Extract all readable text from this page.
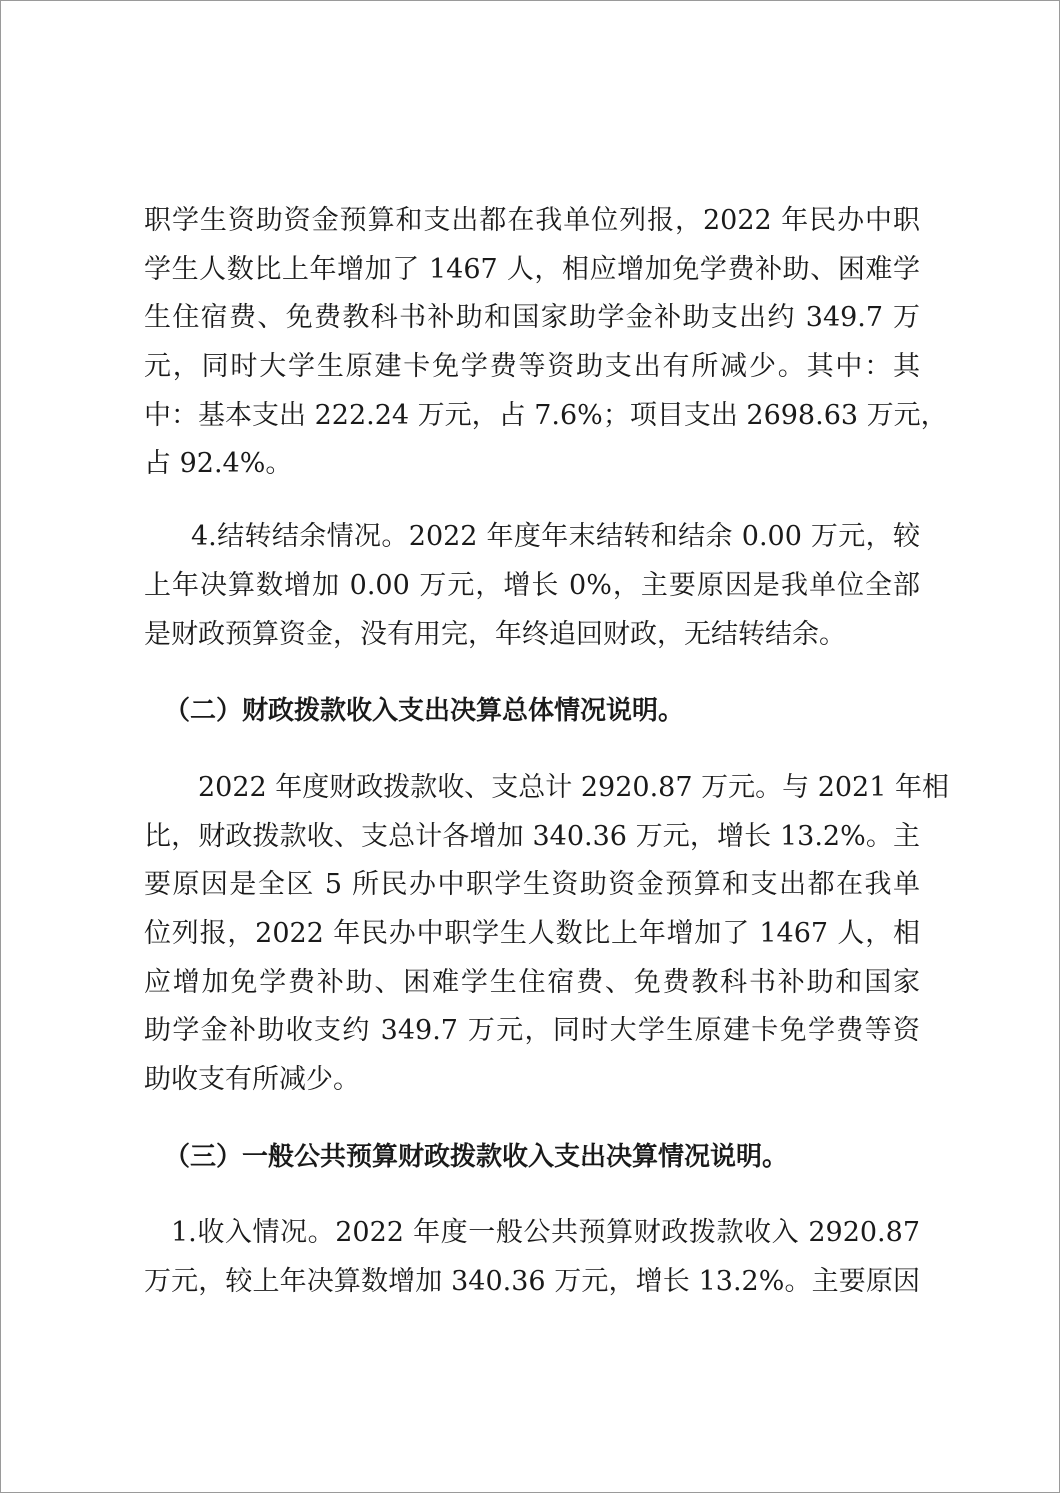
职学生资助资金预算和支出都在我单位列报，2022 年民办中职
学生人数比上年增加了 1467 人，相应增加免学费补助、困难学
生住宿费、免费教科书补助和国家助学金补助支出约 349.7 万
元，同时大学生原建卡免学费等资助支出有所减少。其中：其
中：基本支出 222.24 万元，占 7.6%；项目支出 2698.63 万元，
占 92.4%。
4.结转结余情况。2022 年度年末结转和结余 0.00 万元，较
上年决算数增加 0.00 万元，增长 0%，主要原因是我单位全部
是财政预算资金，没有用完，年终追回财政，无结转结余。
（二）财政拨款收入支出决算总体情况说明。
2022 年度财政拨款收、支总计 2920.87 万元。与 2021 年相
比，财政拨款收、支总计各增加 340.36 万元，增长 13.2%。主
要原因是全区 5 所民办中职学生资助资金预算和支出都在我单
位列报，2022 年民办中职学生人数比上年增加了 1467 人，相
应增加免学费补助、困难学生住宿费、免费教科书补助和国家
助学金补助收支约 349.7 万元，同时大学生原建卡免学费等资
助收支有所减少。
（三）一般公共预算财政拨款收入支出决算情况说明。
1.收入情况。2022 年度一般公共预算财政拨款收入 2920.87
万元，较上年决算数增加 340.36 万元，增长 13.2%。主要原因
